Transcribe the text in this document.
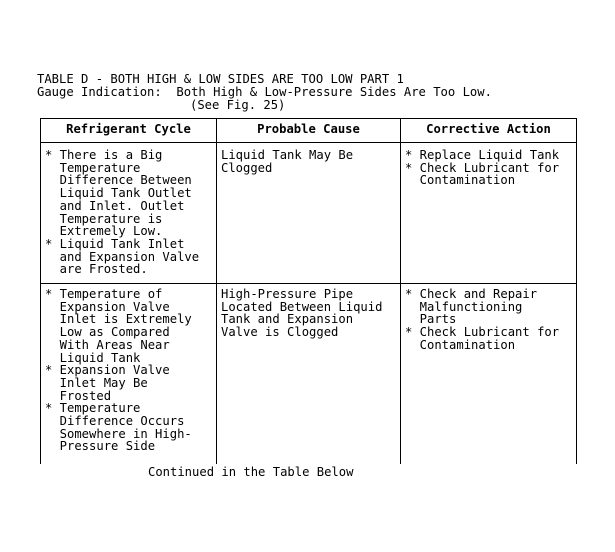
TABLE D - BOTH HIGH & LOW SIDES ARE TOO LOW PART 1
Gauge Indication:  Both High & Low-Pressure Sides Are Too Low.
(See Fig. 25)
Refrigerant Cycle	Probable Cause	Corrective Action
* There is a Big
Temperature
Difference Between
Liquid Tank Outlet
and Inlet. Outlet
Temperature is
Extremely Low.
* Liquid Tank Inlet
and Expansion Valve
are Frosted.
Liquid Tank May Be
Clogged
* Replace Liquid Tank
* Check Lubricant for
Contamination
* Temperature of
Expansion Valve
Inlet is Extremely
Low as Compared
With Areas Near
Liquid Tank
* Expansion Valve
Inlet May Be
Frosted
* Temperature
Difference Occurs
Somewhere in High-
Pressure Side
High-Pressure Pipe
Located Between Liquid
Tank and Expansion
Valve is Clogged
* Check and Repair
Malfunctioning
Parts
* Check Lubricant for
Contamination
Continued in the Table Below
